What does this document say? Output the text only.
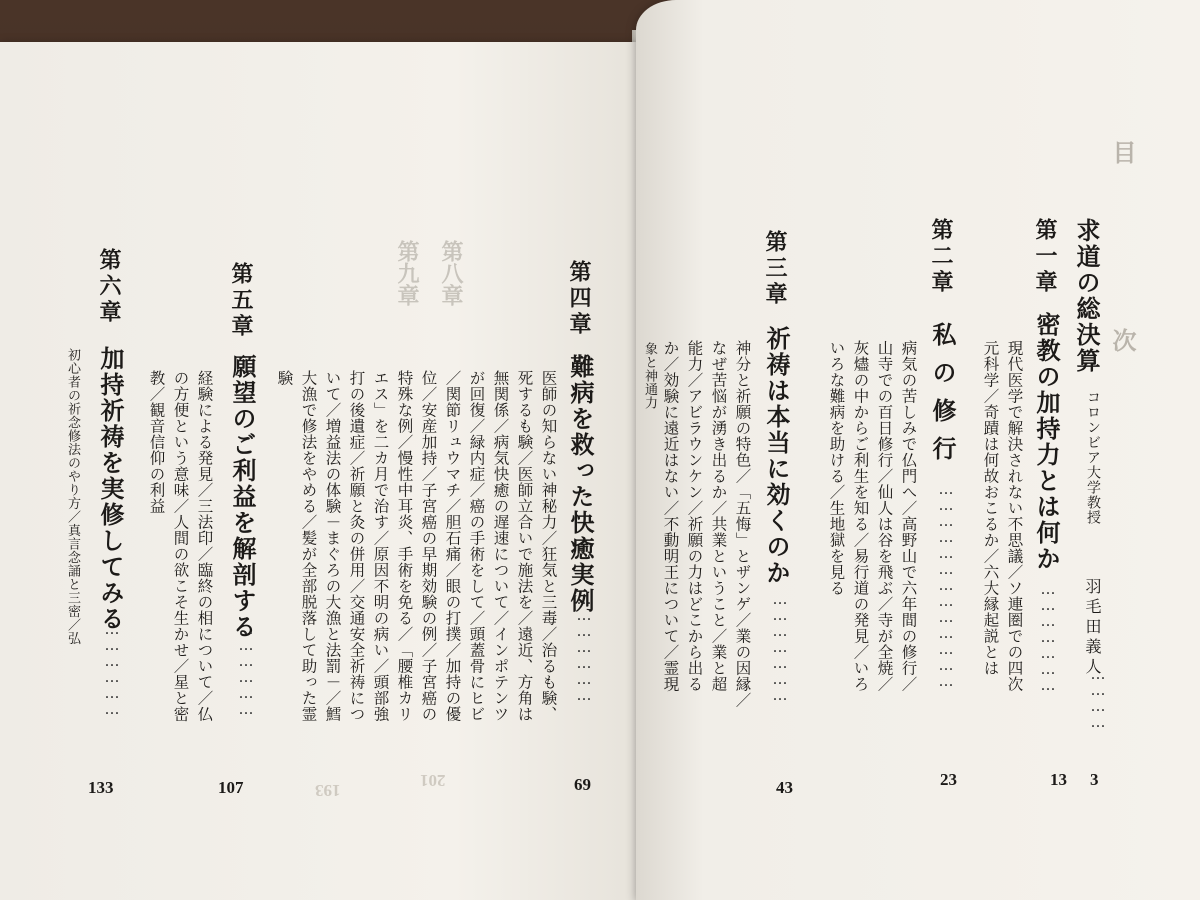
目　次
求道の総決算
コロンビア大学教授
羽毛田義人
…………
3
第一章
密教の加持力とは何か
現代医学で解決されない不思議／ソ連圏での四次
元科学／奇蹟は何故おこるか／六大縁起説とは	…………………
13
第二章
私の修行
病気の苦しみで仏門へ／高野山で六年間の修行／
山寺での百日修行／仙人は谷を飛ぶ／寺が全焼／
灰燼の中からご利生を知る／易行道の発見／いろ
いろな難病を助ける／生地獄を見る	…………………………………
23
第三章
祈祷は本当に効くのか
神分と祈願の特色／「五悔」とザンゲ／業の因縁／
なぜ苦悩が湧き出るか／共業ということ／業と超
能力／アビラウンケン／祈願の力はどこから出る
か／効験に遠近はない／不動明王について／霊現
象と神通力
…………………
43
第九章 第八章
193
201
第四章
難病を救った快癒実例
医師の知らない神秘力／狂気と三毒／治るも験、
死するも験／医師立合いで施法を／遠近、方角は
無関係／病気快癒の遅速について／インポテンツ
が回復／緑内症／癌の手術をして／頭蓋骨にヒビ
／関節リュウマチ／胆石痛／眼の打撲／加持の優
位／安産加持／子宮癌の早期効験の例／子宮癌の
特殊な例／慢性中耳炎、手術を免る／「腰椎カリ
エス」を二カ月で治す／原因不明の病い／頭部強
打の後遺症／祈願と灸の併用／交通安全祈祷につ
いて／増益法の体験－まぐろの大漁と法罰－／鱈
大漁で修法をやめる／髪が全部脱落して助った霊
験
…………………
69
第五章
願望のご利益を解剖する
経験による発見／三法印／臨終の相について／仏
の方便という意味／人間の欲こそ生かせ／星と密
教／観音信仰の利益
………………
107
第六章
加持祈祷を実修してみる
初心者の祈念修法のやり方／真言念誦と三密／弘
………………
133
